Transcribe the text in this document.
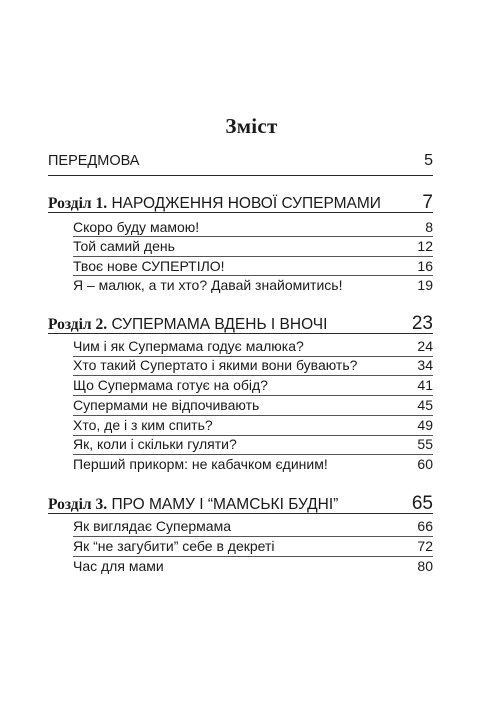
Зміст
ПЕРЕДМОВА	5
Розділ 1. НАРОДЖЕННЯ НОВОЇ СУПЕРМАМИ 7
Скоро буду мамою!	8
Той самий день	12
Твоє нове СУПЕРТІЛО!	16
Я – малюк, а ти хто? Давай знайомитись!	19
Розділ 2. СУПЕРМАМА ВДЕНЬ І ВНОЧІ	23
Чим і як Супермама годує малюка?	24
Хто такий Супертато і якими вони бувають?	34
Що Супермама готує на обід?	41
Супермами не відпочивають	45
Хто, де і з ким спить?	49
Як, коли і скільки гуляти?	55
Перший прикорм: не кабачком єдиним!	60
Розділ 3. ПРО МАМУ І “МАМСЬКІ БУДНІ”	65
Як виглядає Супермама	66
Як “не загубити” себе в декреті	72
Час для мами	80
